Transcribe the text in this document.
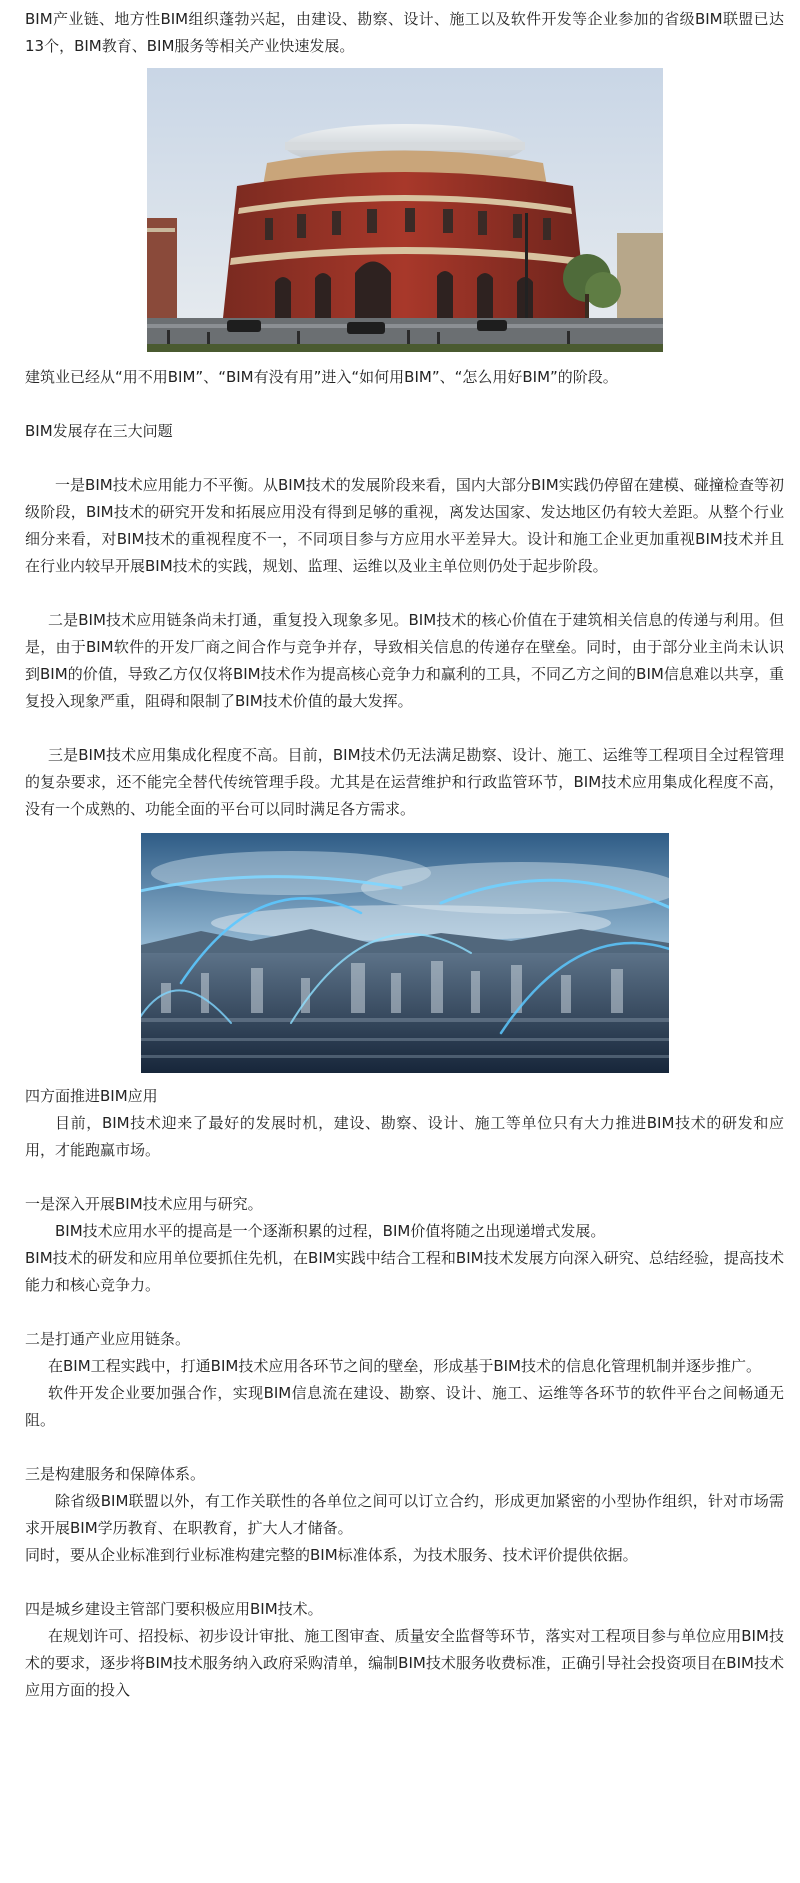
BIM产业链、地方性BIM组织蓬勃兴起，由建设、勘察、设计、施工以及软件开发等企业参加的省级BIM联盟已达13个，BIM教育、BIM服务等相关产业快速发展。

建筑业已经从“用不用BIM”、“BIM有没有用”进入“如何用BIM”、“怎么用好BIM”的阶段。

BIM发展存在三大问题

一是BIM技术应用能力不平衡。从BIM技术的发展阶段来看，国内大部分BIM实践仍停留在建模、碰撞检查等初级阶段，BIM技术的研究开发和拓展应用没有得到足够的重视，离发达国家、发达地区仍有较大差距。从整个行业细分来看，对BIM技术的重视程度不一，不同项目参与方应用水平差异大。设计和施工企业更加重视BIM技术并且在行业内较早开展BIM技术的实践，规划、监理、运维以及业主单位则仍处于起步阶段。

二是BIM技术应用链条尚未打通，重复投入现象多见。BIM技术的核心价值在于建筑相关信息的传递与利用。但是，由于BIM软件的开发厂商之间合作与竞争并存，导致相关信息的传递存在壁垒。同时，由于部分业主尚未认识到BIM的价值，导致乙方仅仅将BIM技术作为提高核心竞争力和赢利的工具，不同乙方之间的BIM信息难以共享，重复投入现象严重，阻碍和限制了BIM技术价值的最大发挥。

三是BIM技术应用集成化程度不高。目前，BIM技术仍无法满足勘察、设计、施工、运维等工程项目全过程管理的复杂要求，还不能完全替代传统管理手段。尤其是在运营维护和行政监管环节，BIM技术应用集成化程度不高，没有一个成熟的、功能全面的平台可以同时满足各方需求。

四方面推进BIM应用

目前，BIM技术迎来了最好的发展时机，建设、勘察、设计、施工等单位只有大力推进BIM技术的研发和应用，才能跑赢市场。

一是深入开展BIM技术应用与研究。

BIM技术应用水平的提高是一个逐渐积累的过程，BIM价值将随之出现递增式发展。

BIM技术的研发和应用单位要抓住先机，在BIM实践中结合工程和BIM技术发展方向深入研究、总结经验，提高技术能力和核心竞争力。

二是打通产业应用链条。

在BIM工程实践中，打通BIM技术应用各环节之间的壁垒，形成基于BIM技术的信息化管理机制并逐步推广。

软件开发企业要加强合作，实现BIM信息流在建设、勘察、设计、施工、运维等各环节的软件平台之间畅通无阻。

三是构建服务和保障体系。

除省级BIM联盟以外，有工作关联性的各单位之间可以订立合约，形成更加紧密的小型协作组织，针对市场需求开展BIM学历教育、在职教育，扩大人才储备。

同时，要从企业标准到行业标准构建完整的BIM标准体系，为技术服务、技术评价提供依据。

四是城乡建设主管部门要积极应用BIM技术。

在规划许可、招投标、初步设计审批、施工图审查、质量安全监督等环节，落实对工程项目参与单位应用BIM技术的要求，逐步将BIM技术服务纳入政府采购清单，编制BIM技术服务收费标准，正确引导社会投资项目在BIM技术应用方面的投入
